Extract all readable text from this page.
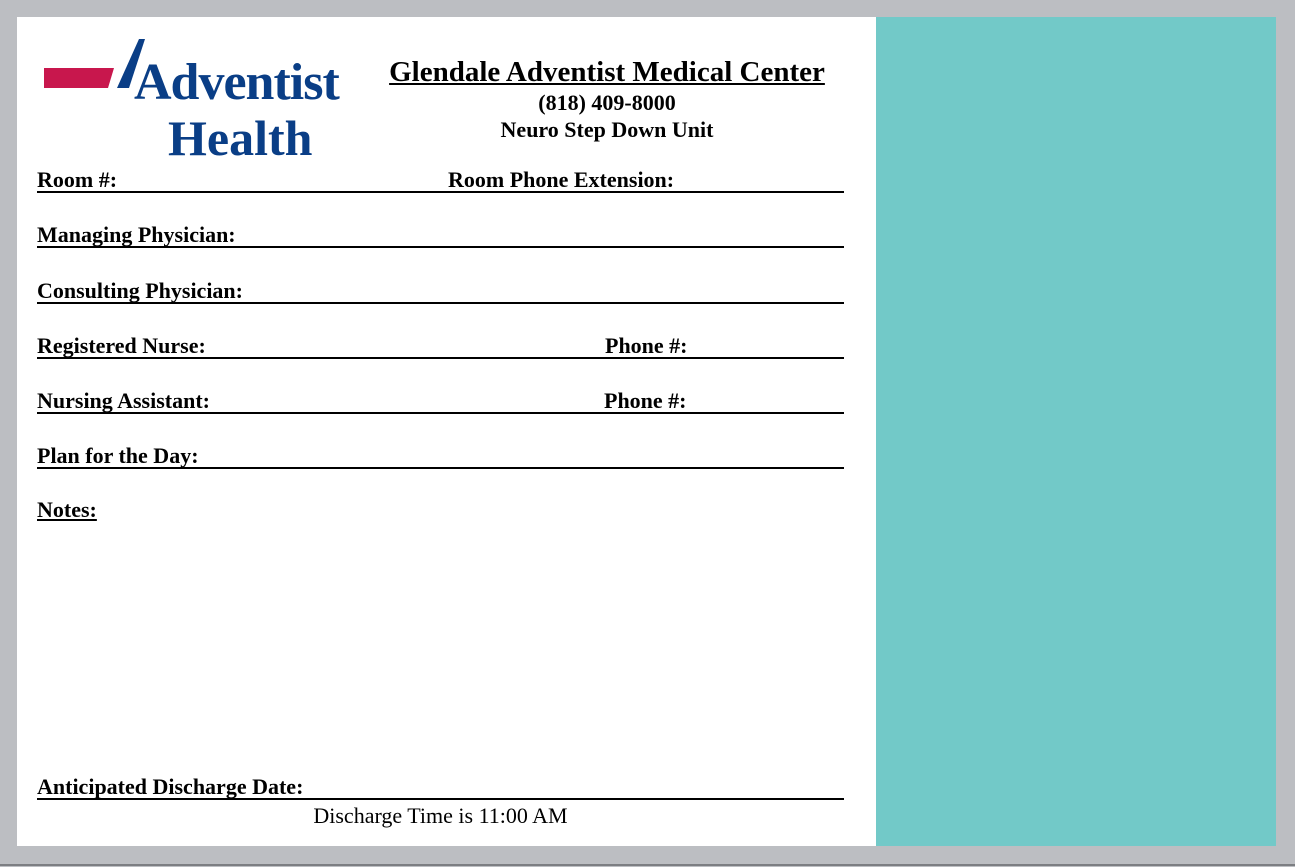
Adventist
Health
Glendale Adventist Medical Center
(818) 409-8000
Neuro Step Down Unit
Room #:	Room Phone Extension:
Managing Physician:
Consulting Physician:
Registered Nurse:	Phone #:
Nursing Assistant:	Phone #:
Plan for the Day:
Notes:
Anticipated Discharge Date:
Discharge Time is 11:00 AM
